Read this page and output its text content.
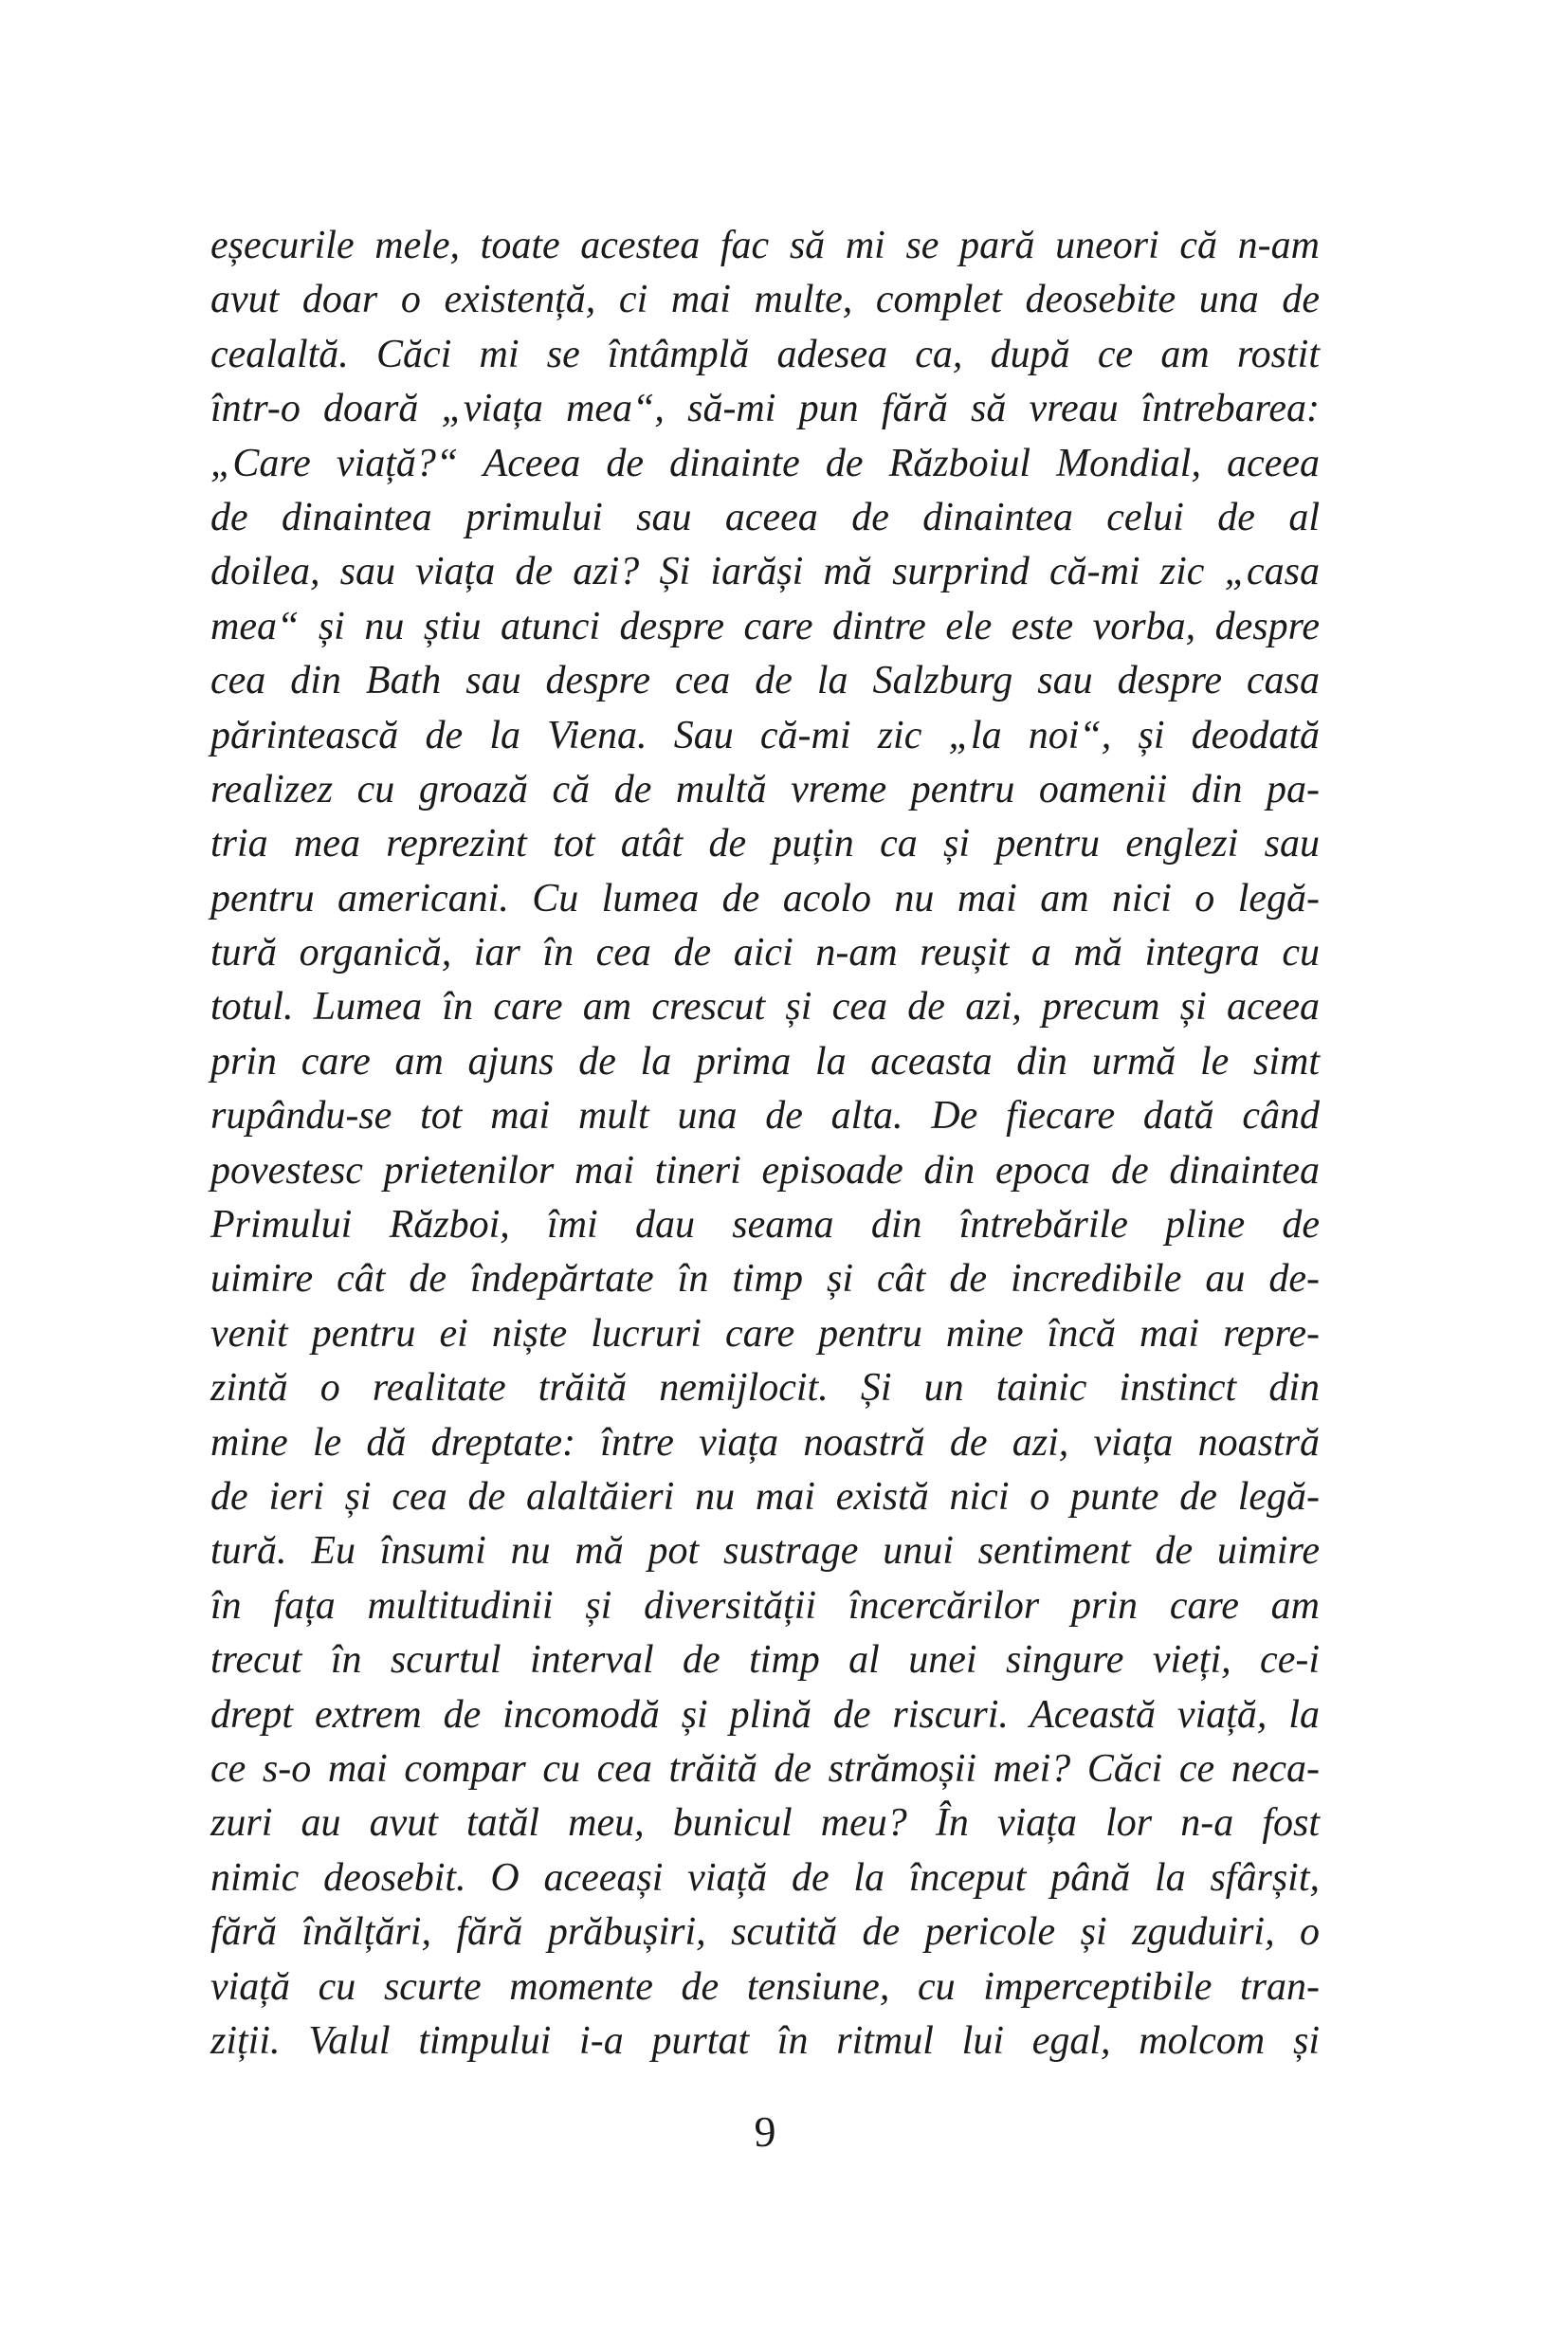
eșecurile mele, toate acestea fac să mi se pară uneori că n-am
avut doar o existență, ci mai multe, complet deosebite una de
cealaltă. Căci mi se întâmplă adesea ca, după ce am rostit
într-o doară „viața mea“, să-mi pun fără să vreau întrebarea:
„Care viață?“ Aceea de dinainte de Războiul Mondial, aceea
de dinaintea primului sau aceea de dinaintea celui de al
doilea, sau viața de azi? Și iarăși mă surprind că-mi zic „casa
mea“ și nu știu atunci despre care dintre ele este vorba, despre
cea din Bath sau despre cea de la Salzburg sau despre casa
părintească de la Viena. Sau că-mi zic „la noi“, și deodată
realizez cu groază că de multă vreme pentru oamenii din pa-
tria mea reprezint tot atât de puțin ca și pentru englezi sau
pentru americani. Cu lumea de acolo nu mai am nici o legă-
tură organică, iar în cea de aici n-am reușit a mă integra cu
totul. Lumea în care am crescut și cea de azi, precum și aceea
prin care am ajuns de la prima la aceasta din urmă le simt
rupându-se tot mai mult una de alta. De fiecare dată când
povestesc prietenilor mai tineri episoade din epoca de dinaintea
Primului Război, îmi dau seama din întrebările pline de
uimire cât de îndepărtate în timp și cât de incredibile au de-
venit pentru ei niște lucruri care pentru mine încă mai repre-
zintă o realitate trăită nemijlocit. Și un tainic instinct din
mine le dă dreptate: între viața noastră de azi, viața noastră
de ieri și cea de alaltăieri nu mai există nici o punte de legă-
tură. Eu însumi nu mă pot sustrage unui sentiment de uimire
în fața multitudinii și diversității încercărilor prin care am
trecut în scurtul interval de timp al unei singure vieți, ce-i
drept extrem de incomodă și plină de riscuri. Această viață, la
ce s-o mai compar cu cea trăită de strămoșii mei? Căci ce neca-
zuri au avut tatăl meu, bunicul meu? În viața lor n-a fost
nimic deosebit. O aceeași viață de la început până la sfârșit,
fără înălțări, fără prăbușiri, scutită de pericole și zguduiri, o
viață cu scurte momente de tensiune, cu imperceptibile tran-
ziții. Valul timpului i-a purtat în ritmul lui egal, molcom și
9
